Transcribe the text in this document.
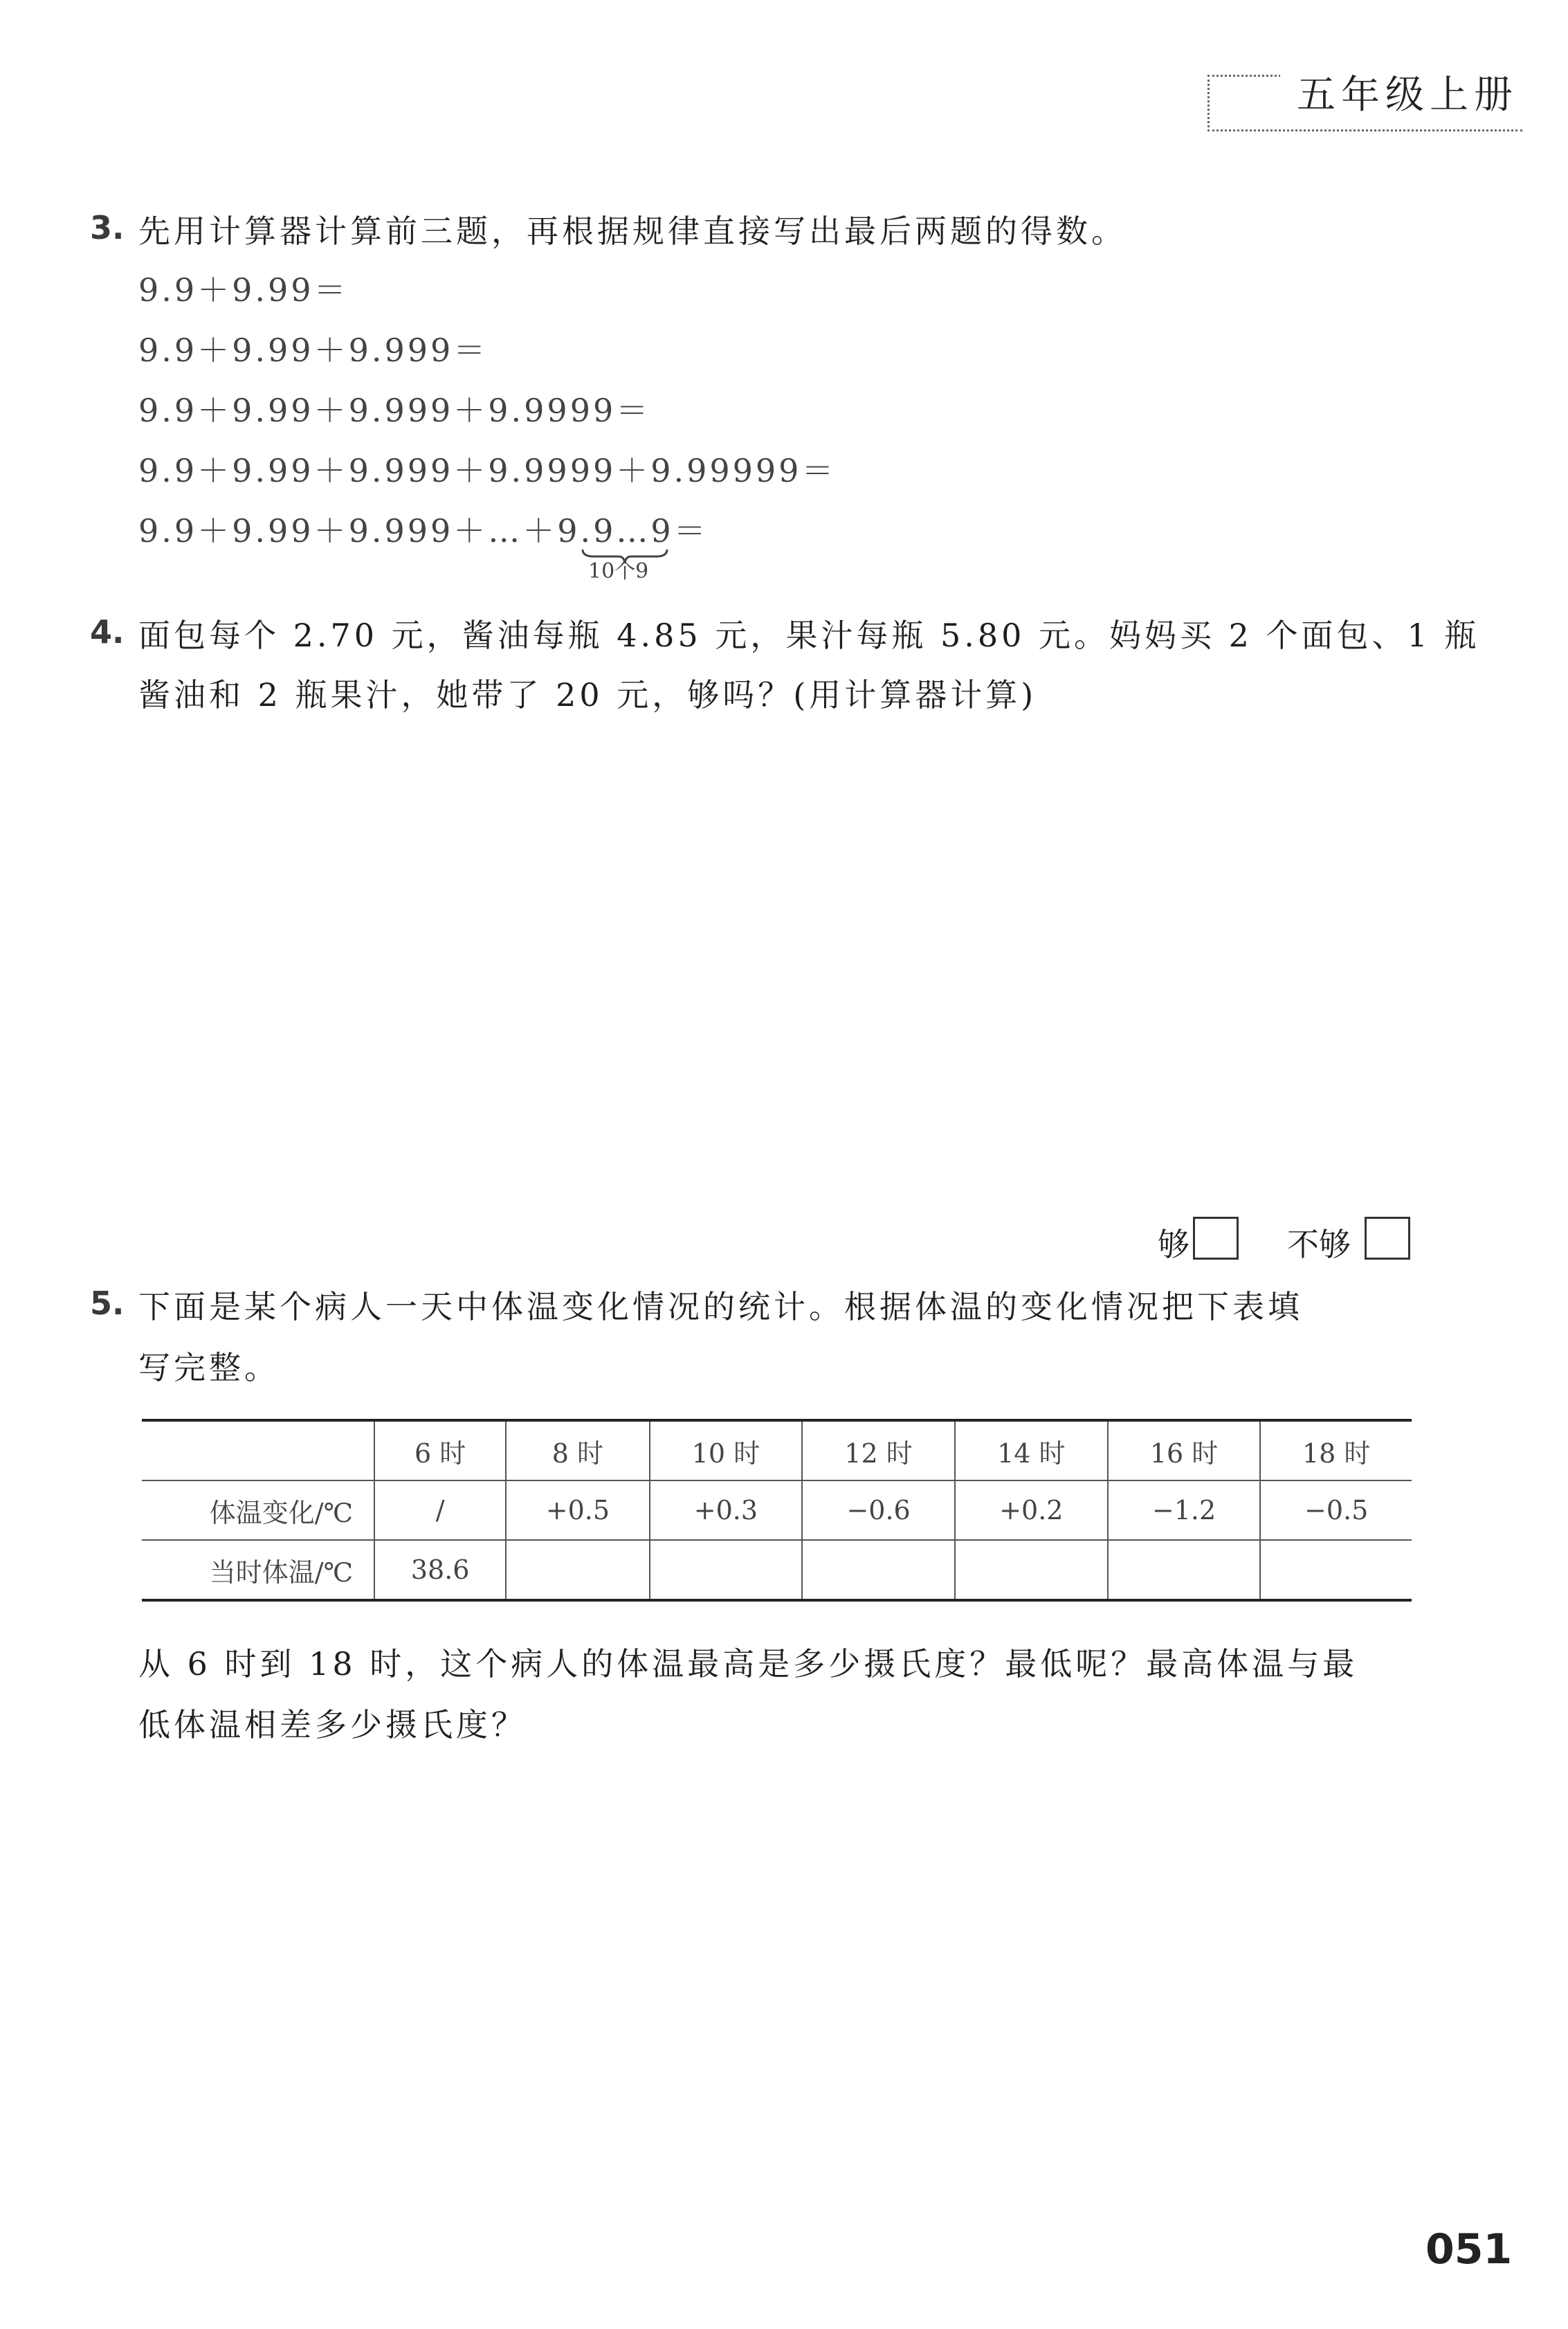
五年级上册
3. 先用计算器计算前三题，再根据规律直接写出最后两题的得数。
9.9＋9.99＝
9.9＋9.99＋9.999＝
9.9＋9.99＋9.999＋9.9999＝
9.9＋9.99＋9.999＋9.9999＋9.99999＝
9.9＋9.99＋9.999＋…＋9.9…9＝
10个9
4. 面包每个 2.70 元，酱油每瓶 4.85 元，果汁每瓶 5.80 元。妈妈买 2 个面包、1 瓶
酱油和 2 瓶果汁，她带了 20 元，够吗？(用计算器计算)
够	不够
5. 下面是某个病人一天中体温变化情况的统计。根据体温的变化情况把下表填
写完整。
	6 时	8 时	10 时	12 时	14 时	16 时	18 时
体温变化/℃	/	+0.5	+0.3	−0.6	+0.2	−1.2	−0.5
当时体温/℃	38.6						
从 6 时到 18 时，这个病人的体温最高是多少摄氏度？最低呢？最高体温与最
低体温相差多少摄氏度？
051
